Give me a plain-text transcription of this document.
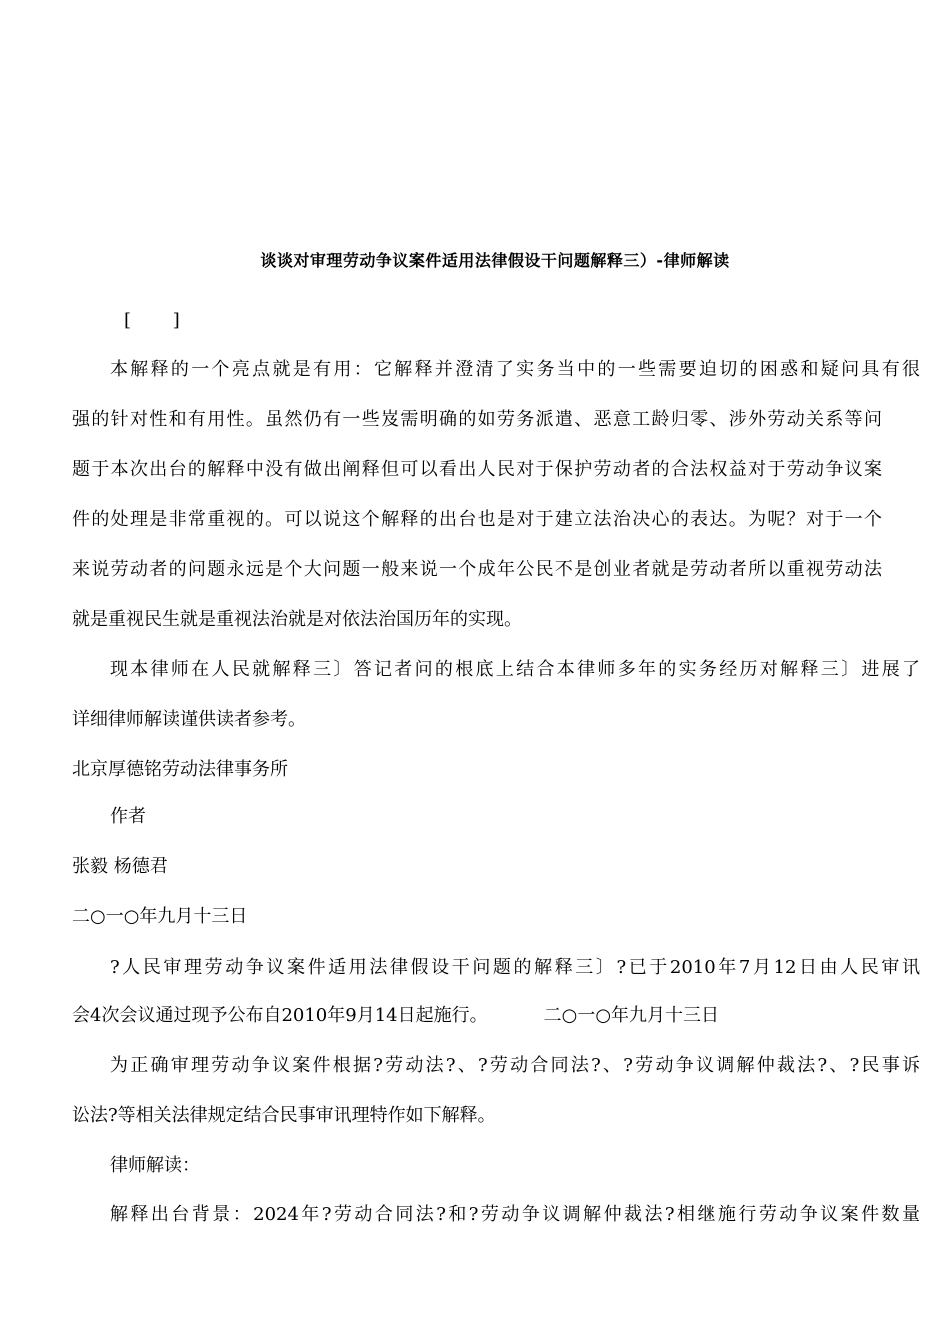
谈谈对审理劳动争议案件适用法律假设干问题解释三）-律师解读
[ ]
本解释的一个亮点就是有用：它解释并澄清了实务当中的一些需要迫切的困惑和疑问具有很
强的针对性和有用性。虽然仍有一些岌需明确的如劳务派遣、恶意工龄归零、涉外劳动关系等问
题于本次出台的解释中没有做出阐释但可以看出人民对于保护劳动者的合法权益对于劳动争议案
件的处理是非常重视的。可以说这个解释的出台也是对于建立法治决心的表达。为呢？对于一个
来说劳动者的问题永远是个大问题一般来说一个成年公民不是创业者就是劳动者所以重视劳动法
就是重视民生就是重视法治就是对依法治国历年的实现。
现本律师在人民就解释三〕答记者问的根底上结合本律师多年的实务经历对解释三〕进展了
详细律师解读谨供读者参考。
北京厚德铭劳动法律事务所
作者
张毅 杨德君
二○一○年九月十三日
?人民审理劳动争议案件适用法律假设干问题的解释三〕?已于2010年7月12日由人民审讯
会4次会议通过现予公布自2010年9月14日起施行。	二○一○年九月十三日
为正确审理劳动争议案件根据?劳动法?、?劳动合同法?、?劳动争议调解仲裁法?、?民事诉
讼法?等相关法律规定结合民事审讯理特作如下解释。
律师解读：
解释出台背景：2024年?劳动合同法?和?劳动争议调解仲裁法?相继施行劳动争议案件数量
